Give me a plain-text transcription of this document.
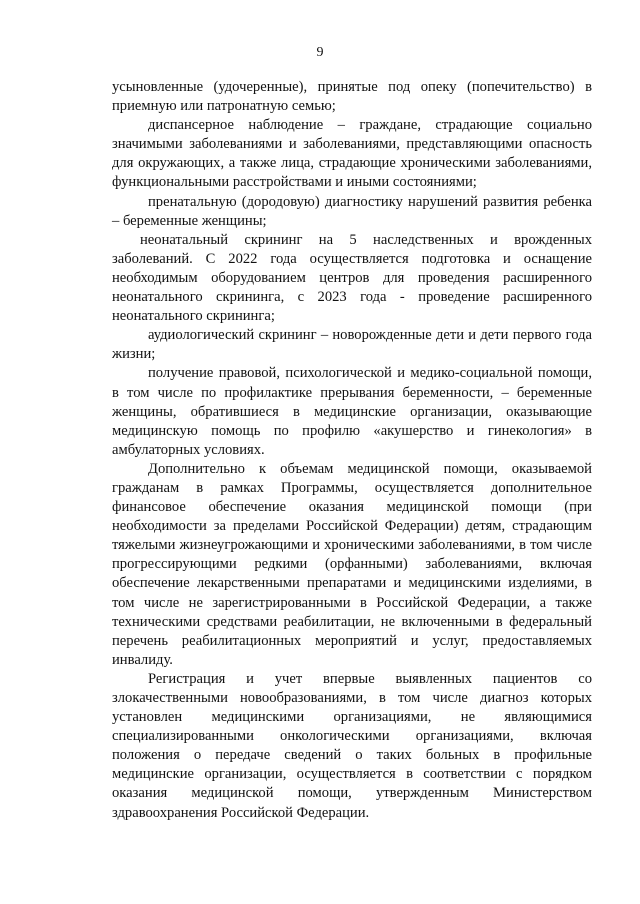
9

усыновленные (удочеренные), принятые под опеку (попечительство) в приемную или патронатную семью;

диспансерное наблюдение – граждане, страдающие социально значимыми заболеваниями и заболеваниями, представляющими опасность для окружающих, а также лица, страдающие хроническими заболеваниями, функциональными расстройствами и иными состояниями;

пренатальную (дородовую) диагностику нарушений развития ребенка – беременные женщины;

неонатальный скрининг на 5 наследственных и врожденных заболеваний. С 2022 года осуществляется подготовка и оснащение необходимым оборудованием центров для проведения расширенного неонатального скрининга, с 2023 года - проведение расширенного неонатального скрининга;

аудиологический скрининг – новорожденные дети и дети первого года жизни;

получение правовой, психологической и медико-социальной помощи, в том числе по профилактике прерывания беременности, – беременные женщины, обратившиеся в медицинские организации, оказывающие медицинскую помощь по профилю «акушерство и гинекология» в амбулаторных условиях.

Дополнительно к объемам медицинской помощи, оказываемой гражданам в рамках Программы, осуществляется дополнительное финансовое обеспечение оказания медицинской помощи (при необходимости за пределами Российской Федерации) детям, страдающим тяжелыми жизнеугрожающими и хроническими заболеваниями, в том числе прогрессирующими редкими (орфанными) заболеваниями, включая обеспечение лекарственными препаратами и медицинскими изделиями, в том числе не зарегистрированными в Российской Федерации, а также техническими средствами реабилитации, не включенными в федеральный перечень реабилитационных мероприятий и услуг, предоставляемых инвалиду.

Регистрация и учет впервые выявленных пациентов со злокачественными новообразованиями, в том числе диагноз которых установлен медицинскими организациями, не являющимися специализированными онкологическими организациями, включая положения о передаче сведений о таких больных в профильные медицинские организации, осуществляется в соответствии с порядком оказания медицинской помощи, утвержденным Министерством здравоохранения Российской Федерации.
